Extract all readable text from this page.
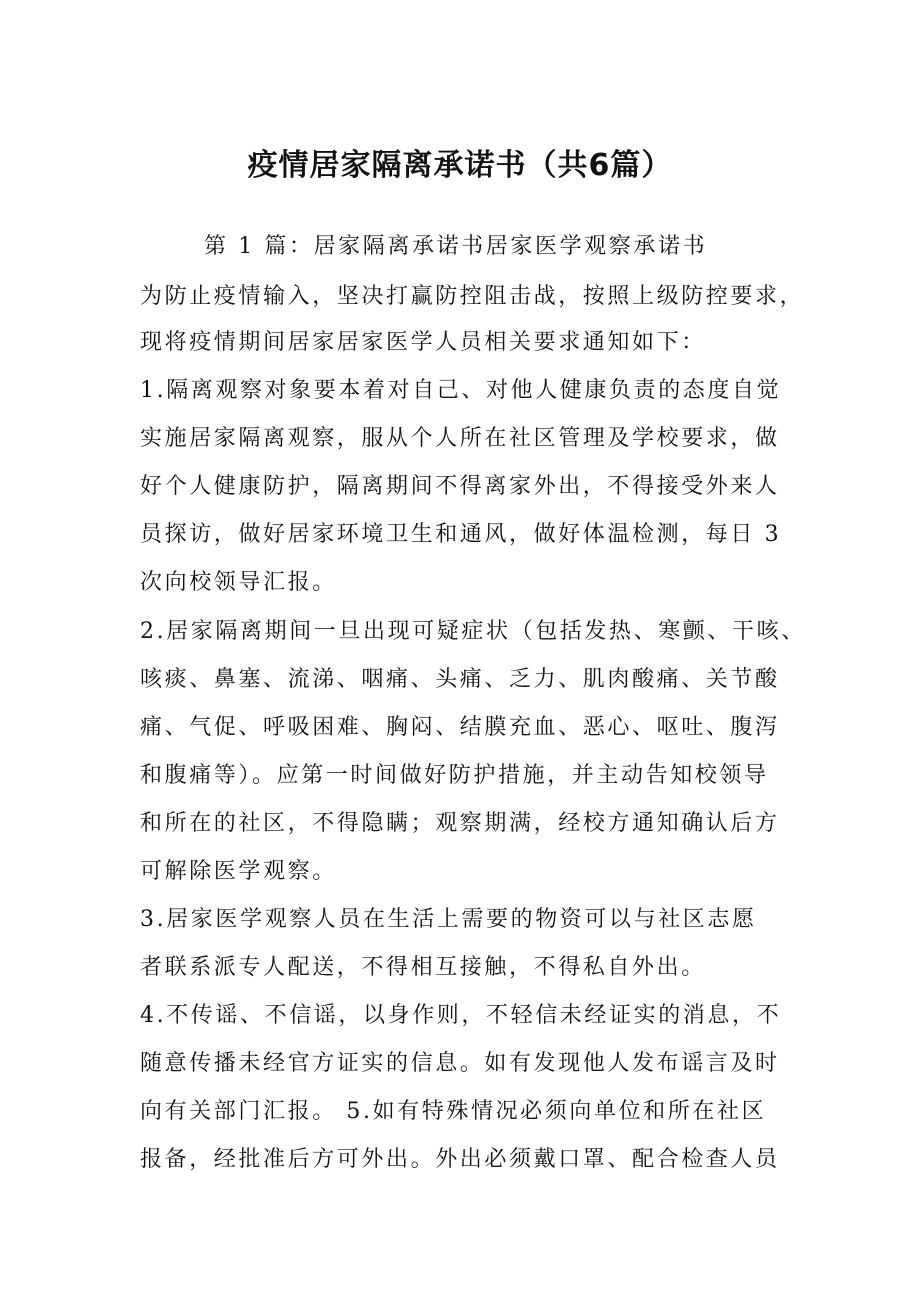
疫情居家隔离承诺书（共6篇）
第 1 篇：居家隔离承诺书居家医学观察承诺书
为防止疫情输入，坚决打赢防控阻击战，按照上级防控要求，
现将疫情期间居家居家医学人员相关要求通知如下：
1.隔离观察对象要本着对自己、对他人健康负责的态度自觉
实施居家隔离观察，服从个人所在社区管理及学校要求，做
好个人健康防护，隔离期间不得离家外出，不得接受外来人
员探访，做好居家环境卫生和通风，做好体温检测，每日 3
次向校领导汇报。
2.居家隔离期间一旦出现可疑症状（包括发热、寒颤、干咳、
咳痰、鼻塞、流涕、咽痛、头痛、乏力、肌肉酸痛、关节酸
痛、气促、呼吸困难、胸闷、结膜充血、恶心、呕吐、腹泻
和腹痛等）。应第一时间做好防护措施，并主动告知校领导
和所在的社区，不得隐瞒；观察期满，经校方通知确认后方
可解除医学观察。
3.居家医学观察人员在生活上需要的物资可以与社区志愿
者联系派专人配送，不得相互接触，不得私自外出。
4.不传谣、不信谣，以身作则，不轻信未经证实的消息，不
随意传播未经官方证实的信息。如有发现他人发布谣言及时
向有关部门汇报。 5.如有特殊情况必须向单位和所在社区
报备，经批准后方可外出。外出必须戴口罩、配合检查人员
